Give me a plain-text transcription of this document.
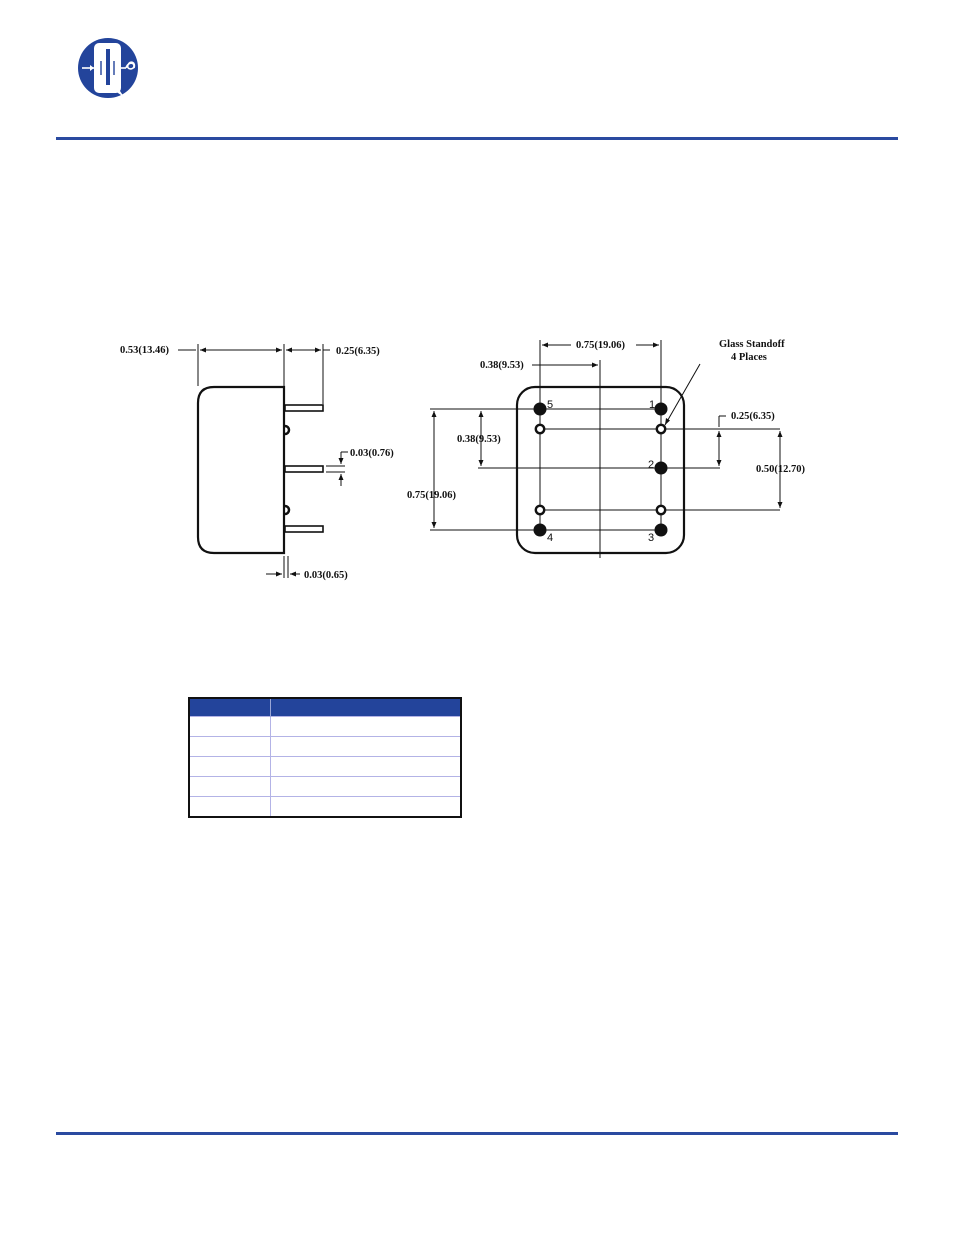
0.53(13.46)	0.25(6.35)
0.03(0.76)
0.03(0.65)
0.75(19.06)
0.38(9.53)
0.38(9.53)
0.75(19.06)
0.25(6.35)
0.50(12.70)
Glass Standoff
4 Places
1
2
3
4
5
